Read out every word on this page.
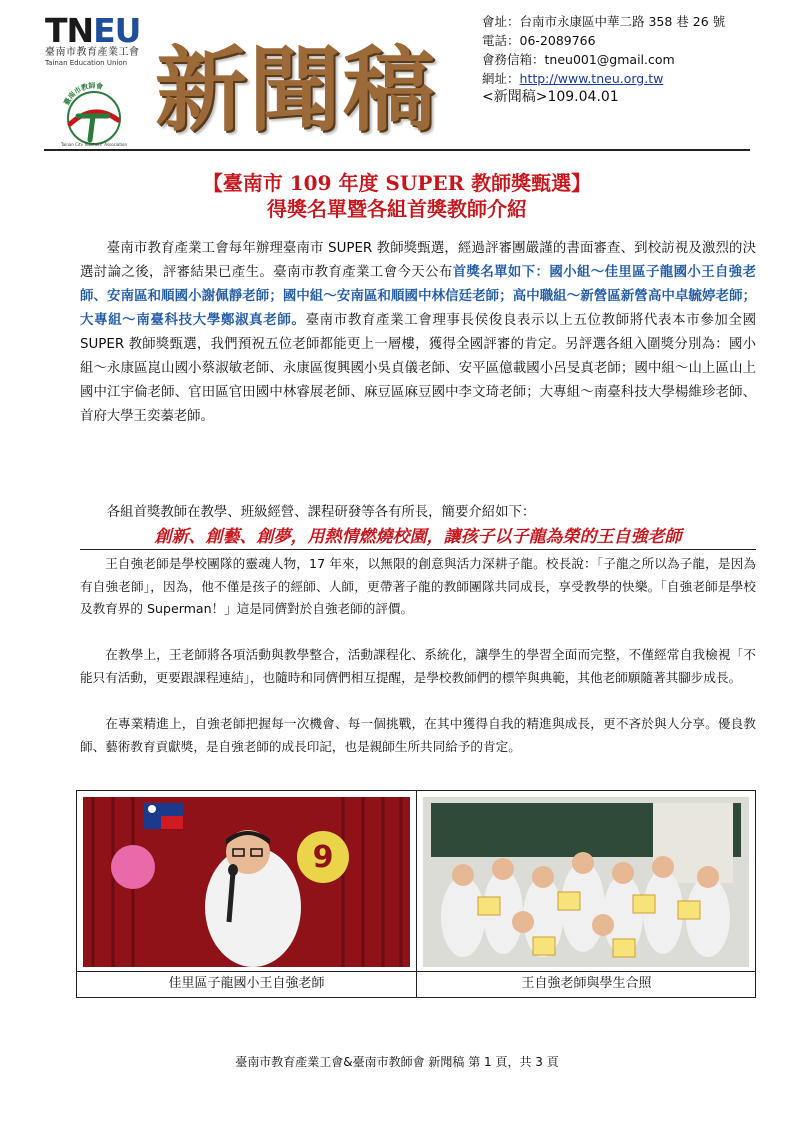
TNEU
臺南市教育產業工會
Tainan Education Union
臺南市教師會
Tainan City Teachers' Association
新聞稿
會址：台南市永康區中華二路 358 巷 26 號
電話：06-2089766
會務信箱：tneu001@gmail.com
網址：http://www.tneu.org.tw
<新聞稿>109.04.01
【臺南市 109 年度 SUPER 教師獎甄選】
得獎名單暨各組首獎教師介紹
臺南市教育產業工會每年辦理臺南市 SUPER 教師獎甄選，經過評審團嚴謹的書面審查、到校訪視及激烈的決選討論之後，評審結果已產生。臺南市教育產業工會今天公布首獎名單如下：國小組～佳里區子龍國小王自強老師、安南區和順國小謝佩靜老師；國中組～安南區和順國中林信廷老師；高中職組～新營區新營高中卓毓婷老師；大專組～南臺科技大學鄭淑真老師。臺南市教育產業工會理事長侯俊良表示以上五位教師將代表本市參加全國 SUPER 教師獎甄選，我們預祝五位老師都能更上一層樓，獲得全國評審的肯定。另評選各組入圍獎分別為：國小組～永康區崑山國小蔡淑敏老師、永康區復興國小吳貞儀老師、安平區億載國小呂旻真老師；國中組～山上區山上國中江宇倫老師、官田區官田國中林睿展老師、麻豆區麻豆國中李文琦老師；大專組～南臺科技大學楊維珍老師、首府大學王奕蓁老師。
各組首獎教師在教學、班級經營、課程研發等各有所長，簡要介紹如下：
創新、創藝、創夢，用熱情燃燒校園，讓孩子以子龍為榮的王自強老師
王自強老師是學校團隊的靈魂人物，17 年來，以無限的創意與活力深耕子龍。校長說：「子龍之所以為子龍，是因為有自強老師」，因為，他不僅是孩子的經師、人師，更帶著子龍的教師團隊共同成長，享受教學的快樂。「自強老師是學校及教育界的 Superman！」這是同儕對於自強老師的評價。
在教學上，王老師將各項活動與教學整合，活動課程化、系統化，讓學生的學習全面而完整，不僅經常自我檢視「不能只有活動，更要跟課程連結」，也隨時和同儕們相互提醒，是學校教師們的標竿與典範，其他老師願隨著其腳步成長。
在專業精進上，自強老師把握每一次機會、每一個挑戰，在其中獲得自我的精進與成長，更不吝於與人分享。優良教師、藝術教育貢獻獎，是自強老師的成長印記，也是親師生所共同給予的肯定。
9
佳里區子龍國小王自強老師	王自強老師與學生合照
臺南市教育產業工會&臺南市教師會 新聞稿 第 1 頁，共 3 頁
